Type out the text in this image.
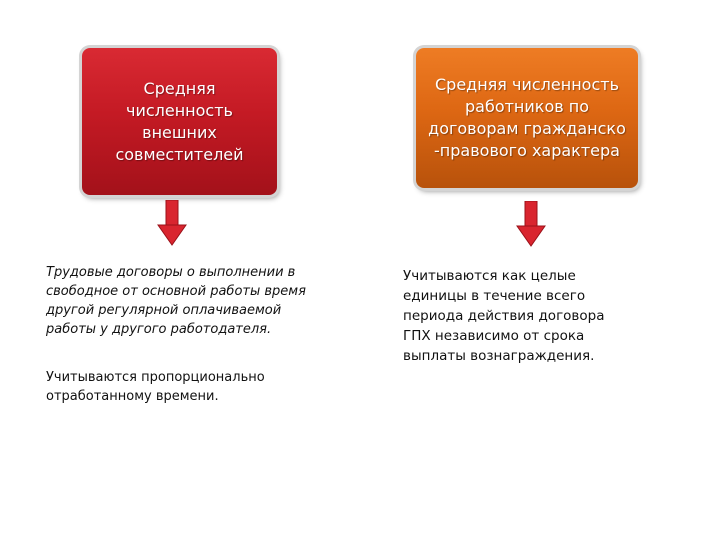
Средняя
численность
внешних
совместителей
Трудовые договоры о выполнении в
свободное от основной работы время
другой регулярной оплачиваемой
работы у другого работодателя.
Учитываются пропорционально
отработанному времени.
Средняя численность
работников по
договорам гражданско
-правового характера
Учитываются как целые
единицы в течение всего
периода действия договора
ГПХ независимо от срока
выплаты вознаграждения.
